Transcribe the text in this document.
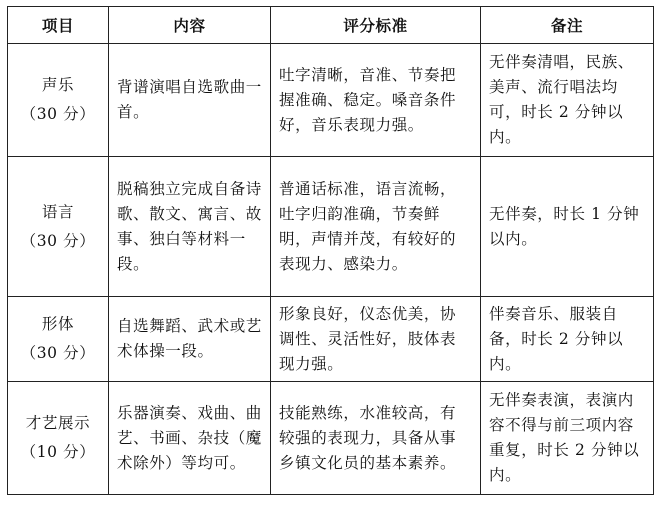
项目	内容	评分标准	备注

声乐
（30 分）	背谱演唱自选歌曲一首。	吐字清晰，音准、节奏把握准确、稳定。嗓音条件好，音乐表现力强。	无伴奏清唱，民族、美声、流行唱法均可，时长 2 分钟以内。

语言
（30 分）	脱稿独立完成自备诗歌、散文、寓言、故事、独白等材料一段。	普通话标准，语言流畅，吐字归韵准确，节奏鲜明，声情并茂，有较好的表现力、感染力。	无伴奏，时长 1 分钟以内。

形体
（30 分）	自选舞蹈、武术或艺术体操一段。	形象良好，仪态优美，协调性、灵活性好，肢体表现力强。	伴奏音乐、服装自备，时长 2 分钟以内。

才艺展示
（10 分）	乐器演奏、戏曲、曲艺、书画、杂技（魔术除外）等均可。	技能熟练，水准较高，有较强的表现力，具备从事乡镇文化员的基本素养。	无伴奏表演，表演内容不得与前三项内容重复，时长 2 分钟以内。
